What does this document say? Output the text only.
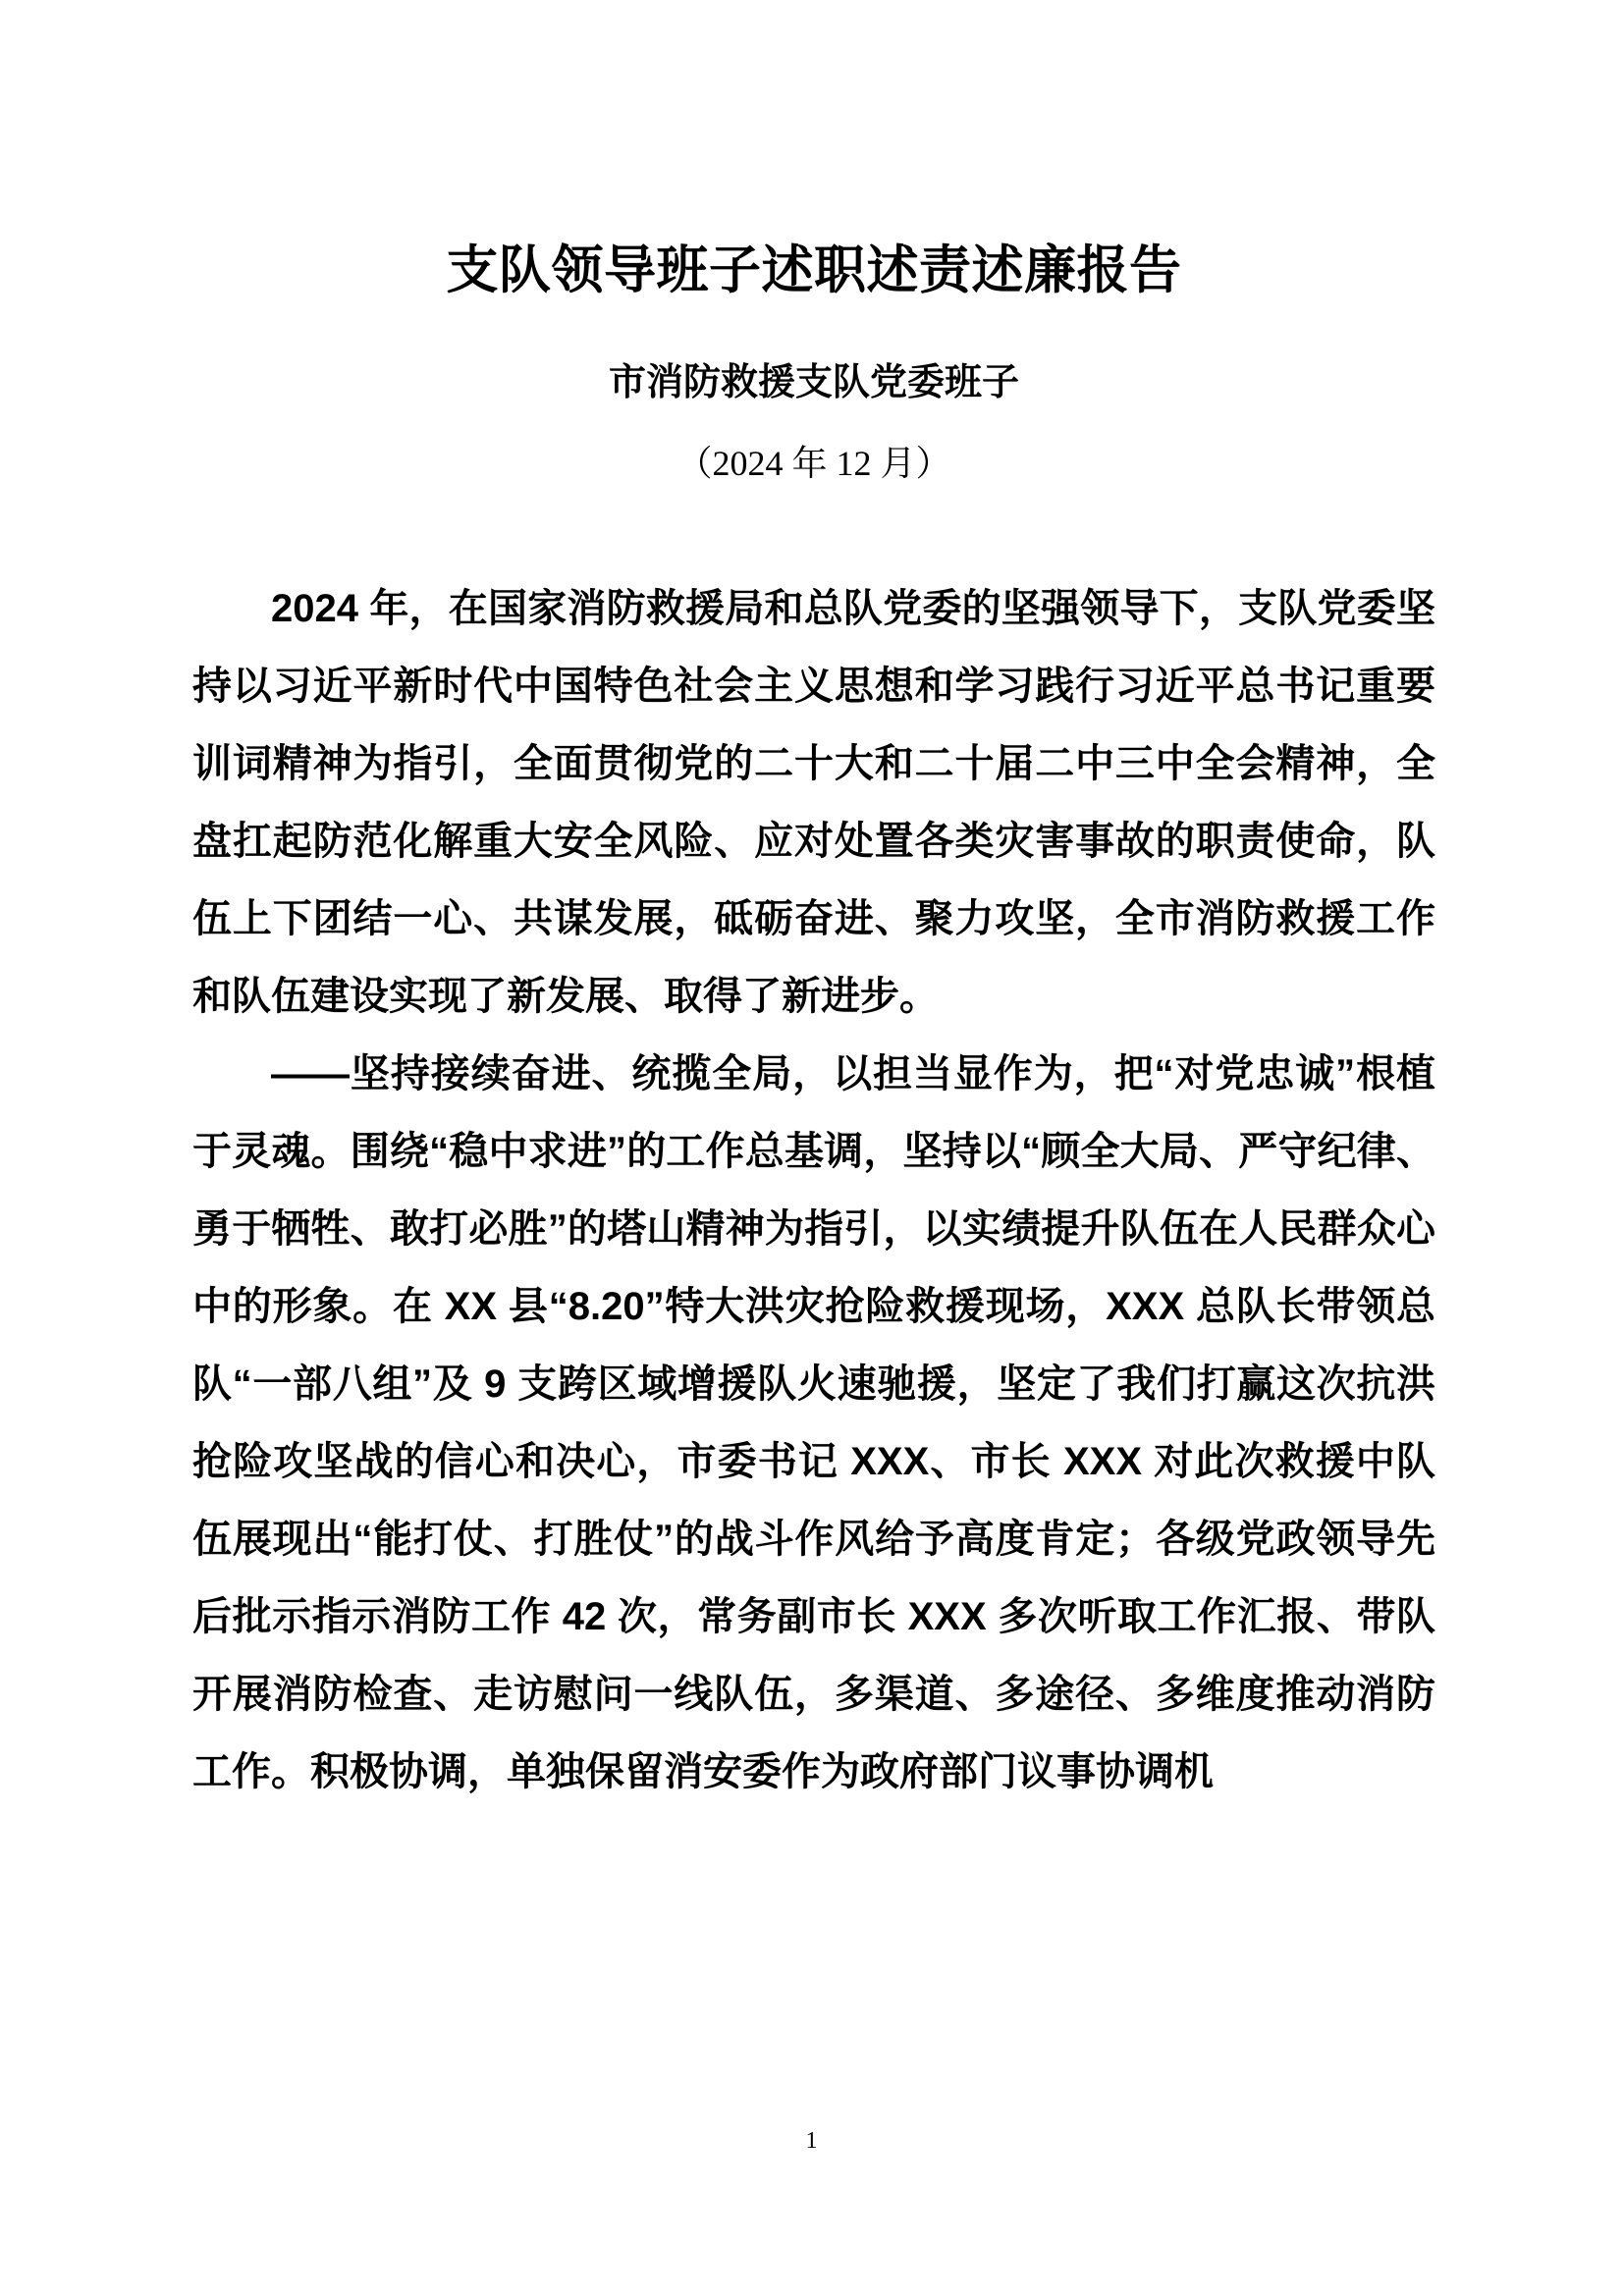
支队领导班子述职述责述廉报告
市消防救援支队党委班子
（2024 年 12 月）

2024 年，在国家消防救援局和总队党委的坚强领导下，支队党委坚持以习近平新时代中国特色社会主义思想和学习践行习近平总书记重要训词精神为指引，全面贯彻党的二十大和二十届二中三中全会精神，全盘扛起防范化解重大安全风险、应对处置各类灾害事故的职责使命，队伍上下团结一心、共谋发展，砥砺奋进、聚力攻坚，全市消防救援工作和队伍建设实现了新发展、取得了新进步。

——坚持接续奋进、统揽全局，以担当显作为，把“对党忠诚”根植于灵魂。围绕“稳中求进”的工作总基调，坚持以“顾全大局、严守纪律、勇于牺牲、敢打必胜”的塔山精神为指引，以实绩提升队伍在人民群众心中的形象。在 XX 县“8.20”特大洪灾抢险救援现场，XXX 总队长带领总队“一部八组”及 9 支跨区域增援队火速驰援，坚定了我们打赢这次抗洪抢险攻坚战的信心和决心，市委书记 XXX、市长 XXX 对此次救援中队伍展现出“能打仗、打胜仗”的战斗作风给予高度肯定；各级党政领导先后批示指示消防工作 42 次，常务副市长 XXX 多次听取工作汇报、带队开展消防检查、走访慰问一线队伍，多渠道、多途径、多维度推动消防工作。积极协调，单独保留消安委作为政府部门议事协调机

1
